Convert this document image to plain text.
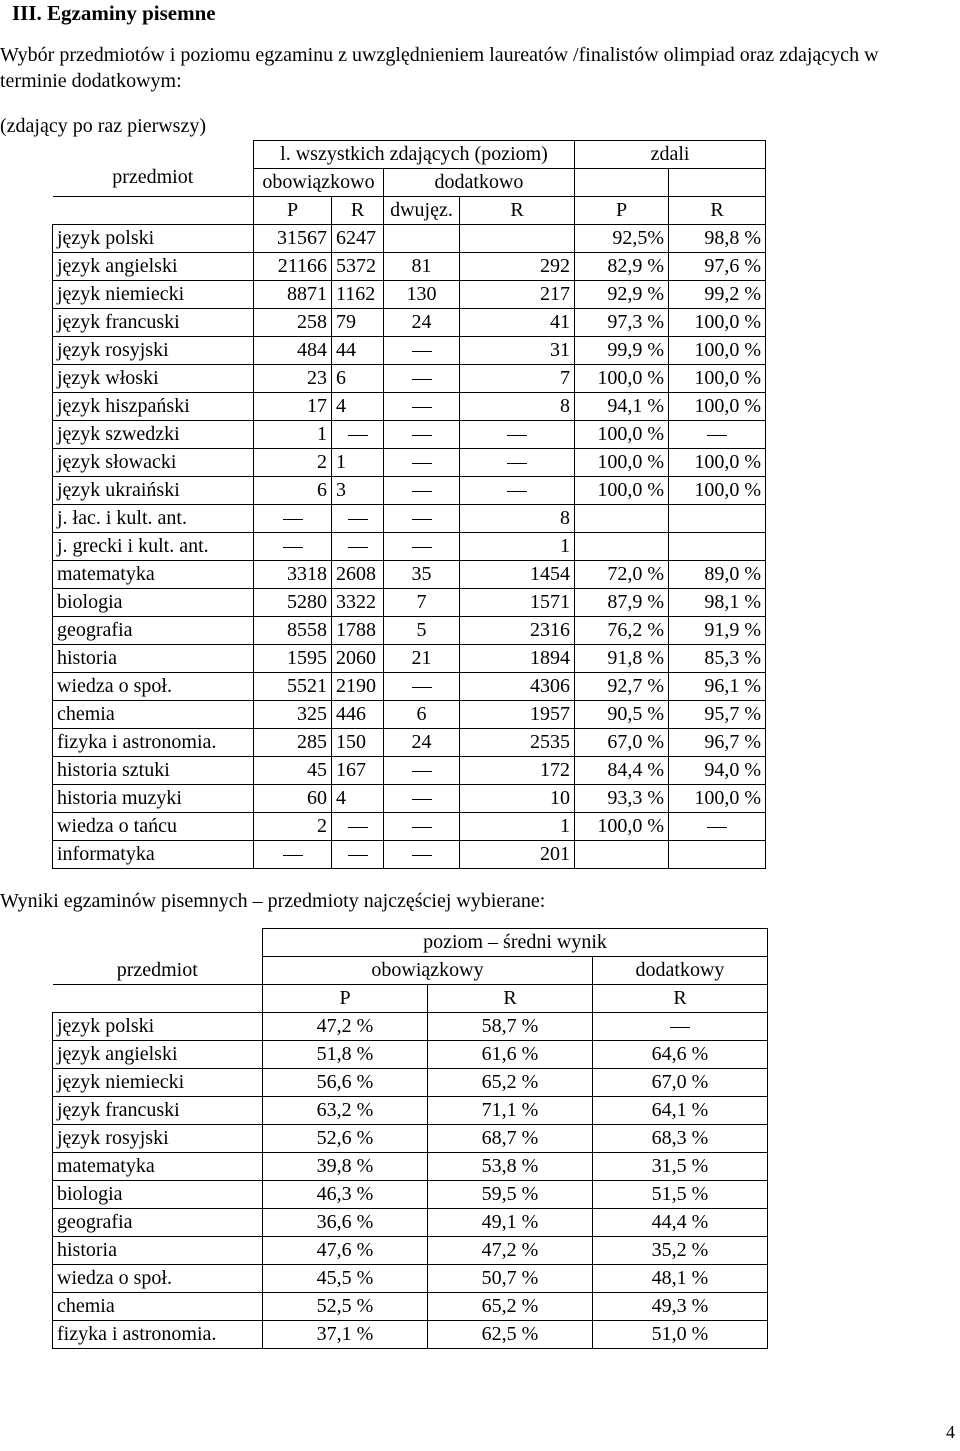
III. Egzaminy pisemne
Wybór przedmiotów i poziomu egzaminu z uwzględnieniem laureatów /finalistów olimpiad oraz zdających w terminie dodatkowym:
(zdający po raz pierwszy)
przedmiot	l. wszystkich zdających (poziom)				zdali	
	obowiązkowo		dodatkowo			
	P	R	dwujęz.	R	P	R
język polski	31567	6247			92,5%	98,8 %
język angielski	21166	5372	81	292	82,9 %	97,6 %
język niemiecki	8871	1162	130	217	92,9 %	99,2 %
język francuski	258	79	24	41	97,3 %	100,0 %
język rosyjski	484	44		31	99,9 %	100,0 %
język włoski	23	6		7	100,0 %	100,0 %
język hiszpański	17	4		8	94,1 %	100,0 %
język szwedzki	1				100,0 %	

język słowacki	2	1			100,0 %	100,0 %
język ukraiński	6	3			100,0 %	100,0 %
j. łac. i kult. ant.				8		
j. grecki i kult. ant.				1		
matematyka	3318	2608	35	1454	72,0 %	89,0 %
biologia	5280	3322	7	1571	87,9 %	98,1 %
geografia	8558	1788	5	2316	76,2 %	91,9 %
historia	1595	2060	21	1894	91,8 %	85,3 %
wiedza o społ.	5521	2190		4306	92,7 %	96,1 %
chemia	325	446	6	1957	90,5 %	95,7 %
fizyka i astronomia.	285	150	24	2535	67,0 %	96,7 %
historia sztuki	45	167		172	84,4 %	94,0 %
historia muzyki	60	4		10	93,3 %	100,0 %
wiedza o tańcu	2			1	100,0 %	

informatyka				201		
Wyniki egzaminów pisemnych – przedmioty najczęściej wybierane:
przedmiot	poziom – średni wynik		
	obowiązkowy		dodatkowy
	P	R	R
język polski	47,2 %	58,7 %	

język angielski	51,8 %	61,6 %	64,6 %
język niemiecki	56,6 %	65,2 %	67,0 %
język francuski	63,2 %	71,1 %	64,1 %
język rosyjski	52,6 %	68,7 %	68,3 %
matematyka	39,8 %	53,8 %	31,5 %
biologia	46,3 %	59,5 %	51,5 %
geografia	36,6 %	49,1 %	44,4 %
historia	47,6 %	47,2 %	35,2 %
wiedza o społ.	45,5 %	50,7 %	48,1 %
chemia	52,5 %	65,2 %	49,3 %
fizyka i astronomia.	37,1 %	62,5 %	51,0 %
4
